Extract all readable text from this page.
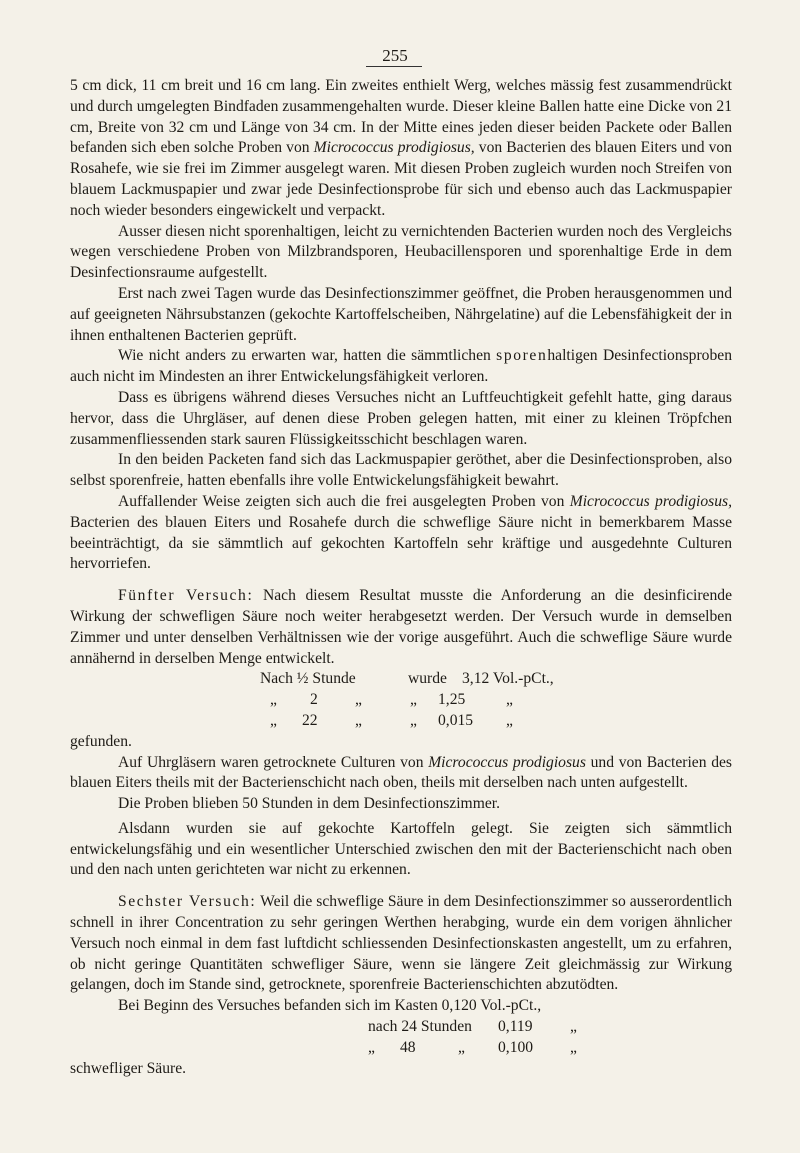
255

5 cm dick, 11 cm breit und 16 cm lang. Ein zweites enthielt Werg, welches mässig fest zusammendrückt und durch umgelegten Bindfaden zusammengehalten wurde. Dieser kleine Ballen hatte eine Dicke von 21 cm, Breite von 32 cm und Länge von 34 cm. In der Mitte eines jeden dieser beiden Packete oder Ballen befanden sich eben solche Proben von Micrococcus prodigiosus, von Bacterien des blauen Eiters und von Rosahefe, wie sie frei im Zimmer ausgelegt waren. Mit diesen Proben zugleich wurden noch Streifen von blauem Lackmuspapier und zwar jede Desinfectionsprobe für sich und ebenso auch das Lackmuspapier noch wieder besonders eingewickelt und verpackt.

Ausser diesen nicht sporenhaltigen, leicht zu vernichtenden Bacterien wurden noch des Vergleichs wegen verschiedene Proben von Milzbrandsporen, Heubacillensporen und sporenhaltige Erde in dem Desinfectionsraume aufgestellt.

Erst nach zwei Tagen wurde das Desinfectionszimmer geöffnet, die Proben herausgenommen und auf geeigneten Nährsubstanzen (gekochte Kartoffelscheiben, Nährgelatine) auf die Lebensfähigkeit der in ihnen enthaltenen Bacterien geprüft.

Wie nicht anders zu erwarten war, hatten die sämmtlichen sporenhaltigen Desinfectionsproben auch nicht im Mindesten an ihrer Entwickelungsfähigkeit verloren.

Dass es übrigens während dieses Versuches nicht an Luftfeuchtigkeit gefehlt hatte, ging daraus hervor, dass die Uhrgläser, auf denen diese Proben gelegen hatten, mit einer zu kleinen Tröpfchen zusammenfliessenden stark sauren Flüssigkeitsschicht beschlagen waren.

In den beiden Packeten fand sich das Lackmuspapier geröthet, aber die Desinfectionsproben, also selbst sporenfreie, hatten ebenfalls ihre volle Entwickelungsfähigkeit bewahrt.

Auffallender Weise zeigten sich auch die frei ausgelegten Proben von Micrococcus prodigiosus, Bacterien des blauen Eiters und Rosahefe durch die schweflige Säure nicht in bemerkbarem Masse beeinträchtigt, da sie sämmtlich auf gekochten Kartoffeln sehr kräftige und ausgedehnte Culturen hervorriefen.

Fünfter Versuch: Nach diesem Resultat musste die Anforderung an die desinficirende Wirkung der schwefligen Säure noch weiter herabgesetzt werden. Der Versuch wurde in demselben Zimmer und unter denselben Verhältnissen wie der vorige ausgeführt. Auch die schweflige Säure wurde annähernd in derselben Menge entwickelt.

Nach ½ Stunde	wurde 3,12 Vol.-pCt.,
„ 2 „	„ 1,25	„
„ 22 „	„ 0,015 „

gefunden.

Auf Uhrgläsern waren getrocknete Culturen von Micrococcus prodigiosus und von Bacterien des blauen Eiters theils mit der Bacterienschicht nach oben, theils mit derselben nach unten aufgestellt.

Die Proben blieben 50 Stunden in dem Desinfectionszimmer.

Alsdann wurden sie auf gekochte Kartoffeln gelegt. Sie zeigten sich sämmtlich entwickelungsfähig und ein wesentlicher Unterschied zwischen den mit der Bacterienschicht nach oben und den nach unten gerichteten war nicht zu erkennen.

Sechster Versuch: Weil die schweflige Säure in dem Desinfectionszimmer so ausserordentlich schnell in ihrer Concentration zu sehr geringen Werthen herabging, wurde ein dem vorigen ähnlicher Versuch noch einmal in dem fast luftdicht schliessenden Desinfectionskasten angestellt, um zu erfahren, ob nicht geringe Quantitäten schwefliger Säure, wenn sie längere Zeit gleichmässig zur Wirkung gelangen, doch im Stande sind, getrocknete, sporenfreie Bacterienschichten abzutödten.

Bei Beginn des Versuches befanden sich im Kasten 0,120 Vol.-pCt.,
nach 24 Stunden 0,119 „
„ 48	„ 0,100 „

schwefliger Säure.
